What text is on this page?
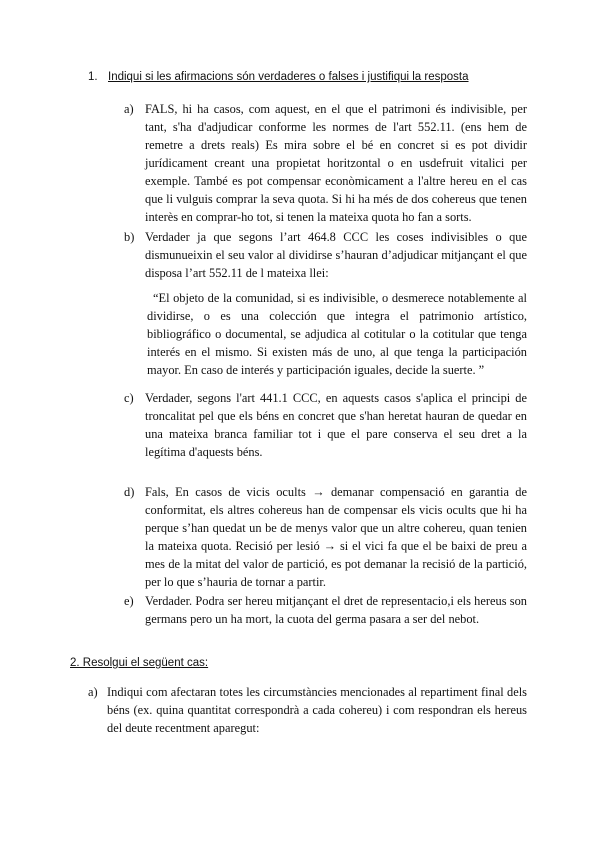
1. Indiqui si les afirmacions són verdaderes o falses i justifiqui la resposta
a) FALS, hi ha casos, com aquest, en el que el patrimoni és indivisible, per tant, s'ha d'adjudicar conforme les normes de l'art 552.11. (ens hem de remetre a drets reals) Es mira sobre el bé en concret si es pot dividir jurídicament creant una propietat horitzontal o en usdefruit vitalici per exemple. També es pot compensar econòmicament a l'altre hereu en el cas que li vulguis comprar la seva quota. Si hi ha més de dos cohereus que tenen interès en comprar-ho tot, si tenen la mateixa quota ho fan a sorts.
b) Verdader ja que segons l’art 464.8 CCC les coses indivisibles o que dismunueixin el seu valor al dividirse s’hauran d’adjudicar mitjançant el que disposa l’art 552.11 de l mateixa llei:
“El objeto de la comunidad, si es indivisible, o desmerece notablemente al dividirse, o es una colección que integra el patrimonio artístico, bibliográfico o documental, se adjudica al cotitular o la cotitular que tenga interés en el mismo. Si existen más de uno, al que tenga la participación mayor. En caso de interés y participación iguales, decide la suerte. ”
c) Verdader, segons l'art 441.1 CCC, en aquests casos s'aplica el principi de troncalitat pel que els béns en concret que s'han heretat hauran de quedar en una mateixa branca familiar tot i que el pare conserva el seu dret a la legítima d'aquests béns.
d) Fals, En casos de vicis ocults → demanar compensació en garantia de conformitat, els altres cohereus han de compensar els vicis ocults que hi ha perque s’han quedat un be de menys valor que un altre cohereu, quan tenien la mateixa quota. Recisió per lesió → si el vici fa que el be baixi de preu a mes de la mitat del valor de partició, es pot demanar la recisió de la partició, per lo que s’hauria de tornar a partir.
e) Verdader. Podra ser hereu mitjançant el dret de representacio,i els hereus son germans pero un ha mort, la cuota del germa pasara a ser del nebot.
2. Resolgui el següent cas:
a) Indiqui com afectaran totes les circumstàncies mencionades al repartiment final dels béns (ex. quina quantitat correspondrà a cada cohereu) i com respondran els hereus del deute recentment aparegut:
